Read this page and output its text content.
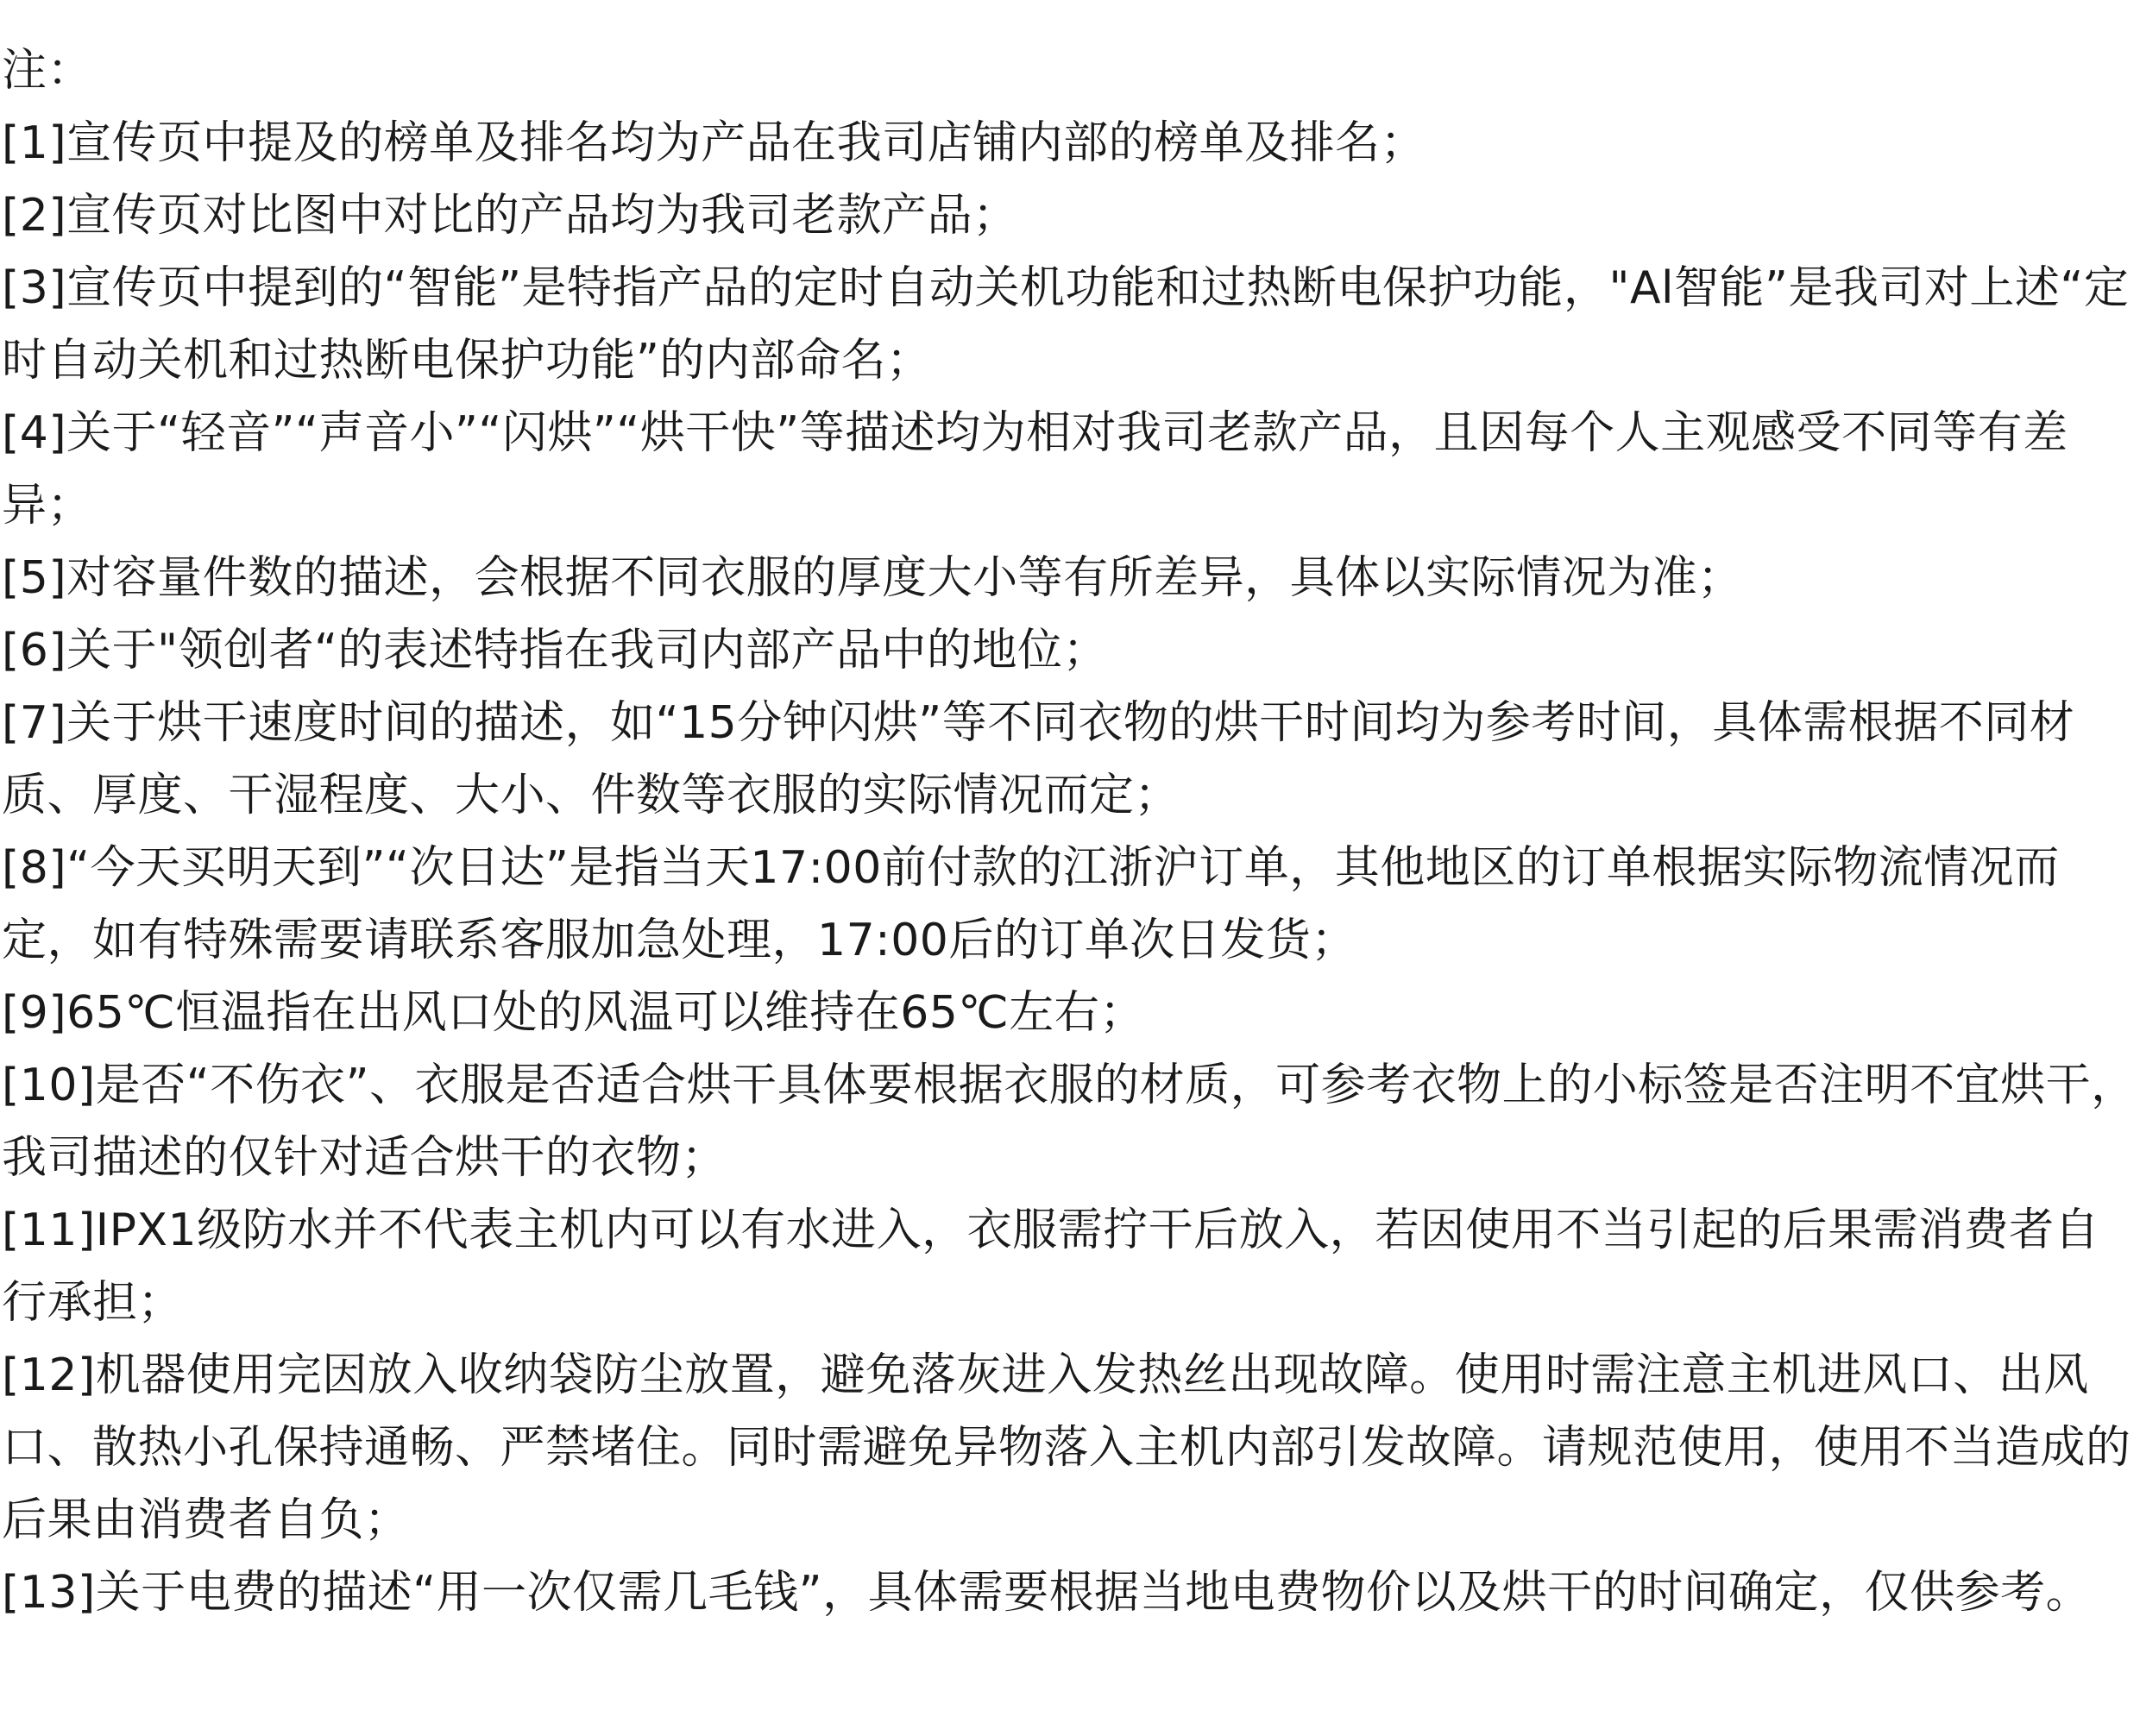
注：
[1]宣传页中提及的榜单及排名均为产品在我司店铺内部的榜单及排名；
[2]宣传页对比图中对比的产品均为我司老款产品；
[3]宣传页中提到的“智能”是特指产品的定时自动关机功能和过热断电保护功能，"Al智能”是我司对上述“定时自动关机和过热断电保护功能”的内部命名；
[4]关于“轻音”“声音小”“闪烘”“烘干快”等描述均为相对我司老款产品，且因每个人主观感受不同等有差异；
[5]对容量件数的描述，会根据不同衣服的厚度大小等有所差异，具体以实际情况为准；
[6]关于"领创者“的表述特指在我司内部产品中的地位；
[7]关于烘干速度时间的描述，如“15分钟闪烘”等不同衣物的烘干时间均为参考时间，具体需根据不同材质、厚度、干湿程度、大小、件数等衣服的实际情况而定；
[8]“今天买明天到”“次日达”是指当天17:00前付款的江浙沪订单，其他地区的订单根据实际物流情况而定，如有特殊需要请联系客服加急处理，17:00后的订单次日发货；
[9]65℃恒温指在出风口处的风温可以维持在65℃左右；
[10]是否“不伤衣”、衣服是否适合烘干具体要根据衣服的材质，可参考衣物上的小标签是否注明不宜烘干，我司描述的仅针对适合烘干的衣物；
[11]IPX1级防水并不代表主机内可以有水进入，衣服需拧干后放入，若因使用不当引起的后果需消费者自行承担；
[12]机器使用完因放入收纳袋防尘放置，避免落灰进入发热丝出现故障。使用时需注意主机进风口、出风口、散热小孔保持通畅、严禁堵住。同时需避免异物落入主机内部引发故障。请规范使用，使用不当造成的后果由消费者自负；
[13]关于电费的描述“用一次仅需几毛钱”，具体需要根据当地电费物价以及烘干的时间确定，仅供参考。
